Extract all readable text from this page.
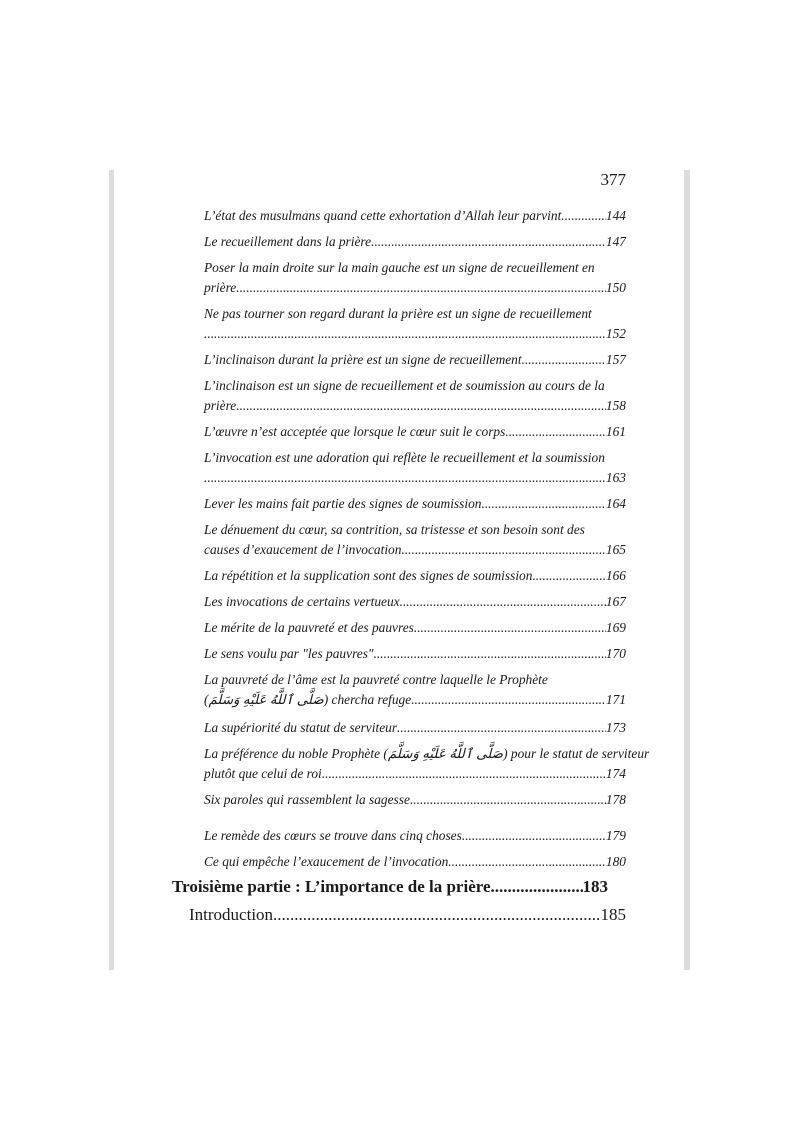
377
L’état des musulmans quand cette exhortation d’Allah leur parvint .....	144
Le recueillement dans la prière .....	147
Poser la main droite sur la main gauche est un signe de recueillement en
prière .....	150
Ne pas tourner son regard durant la prière est un signe de recueillement
.....
152
L’inclinaison durant la prière est un signe de recueillement .....	157
L’inclinaison est un signe de recueillement et de soumission au cours de la
prière .....	158
L’œuvre n’est acceptée que lorsque le cœur suit le corps .....	161
L’invocation est une adoration qui reflète le recueillement et la soumission
.....
163
Lever les mains fait partie des signes de soumission .....	164
Le dénuement du cœur, sa contrition, sa tristesse et son besoin sont des
causes d’exaucement de l’invocation .....	165
La répétition et la supplication sont des signes de soumission .....	166
Les invocations de certains vertueux .....	167
Le mérite de la pauvreté et des pauvres .....	169
Le sens voulu par "les pauvres" .....	170
La pauvreté de l’âme est la pauvreté contre laquelle le Prophète
(صَلَّى ٱللَّهُ عَلَيْهِ وَسَلَّمَ) chercha refuge .....	171
La supériorité du statut de serviteur .....	173
La préférence du noble Prophète (صَلَّى ٱللَّهُ عَلَيْهِ وَسَلَّمَ) pour le statut de serviteur
plutôt que celui de roi .....	174
Six paroles qui rassemblent la sagesse .....	178
Le remède des cœurs se trouve dans cinq choses .....	179
Ce qui empêche l’exaucement de l’invocation .....	180
Troisième partie : L’importance de la prière .....	183
Introduction .....	185
